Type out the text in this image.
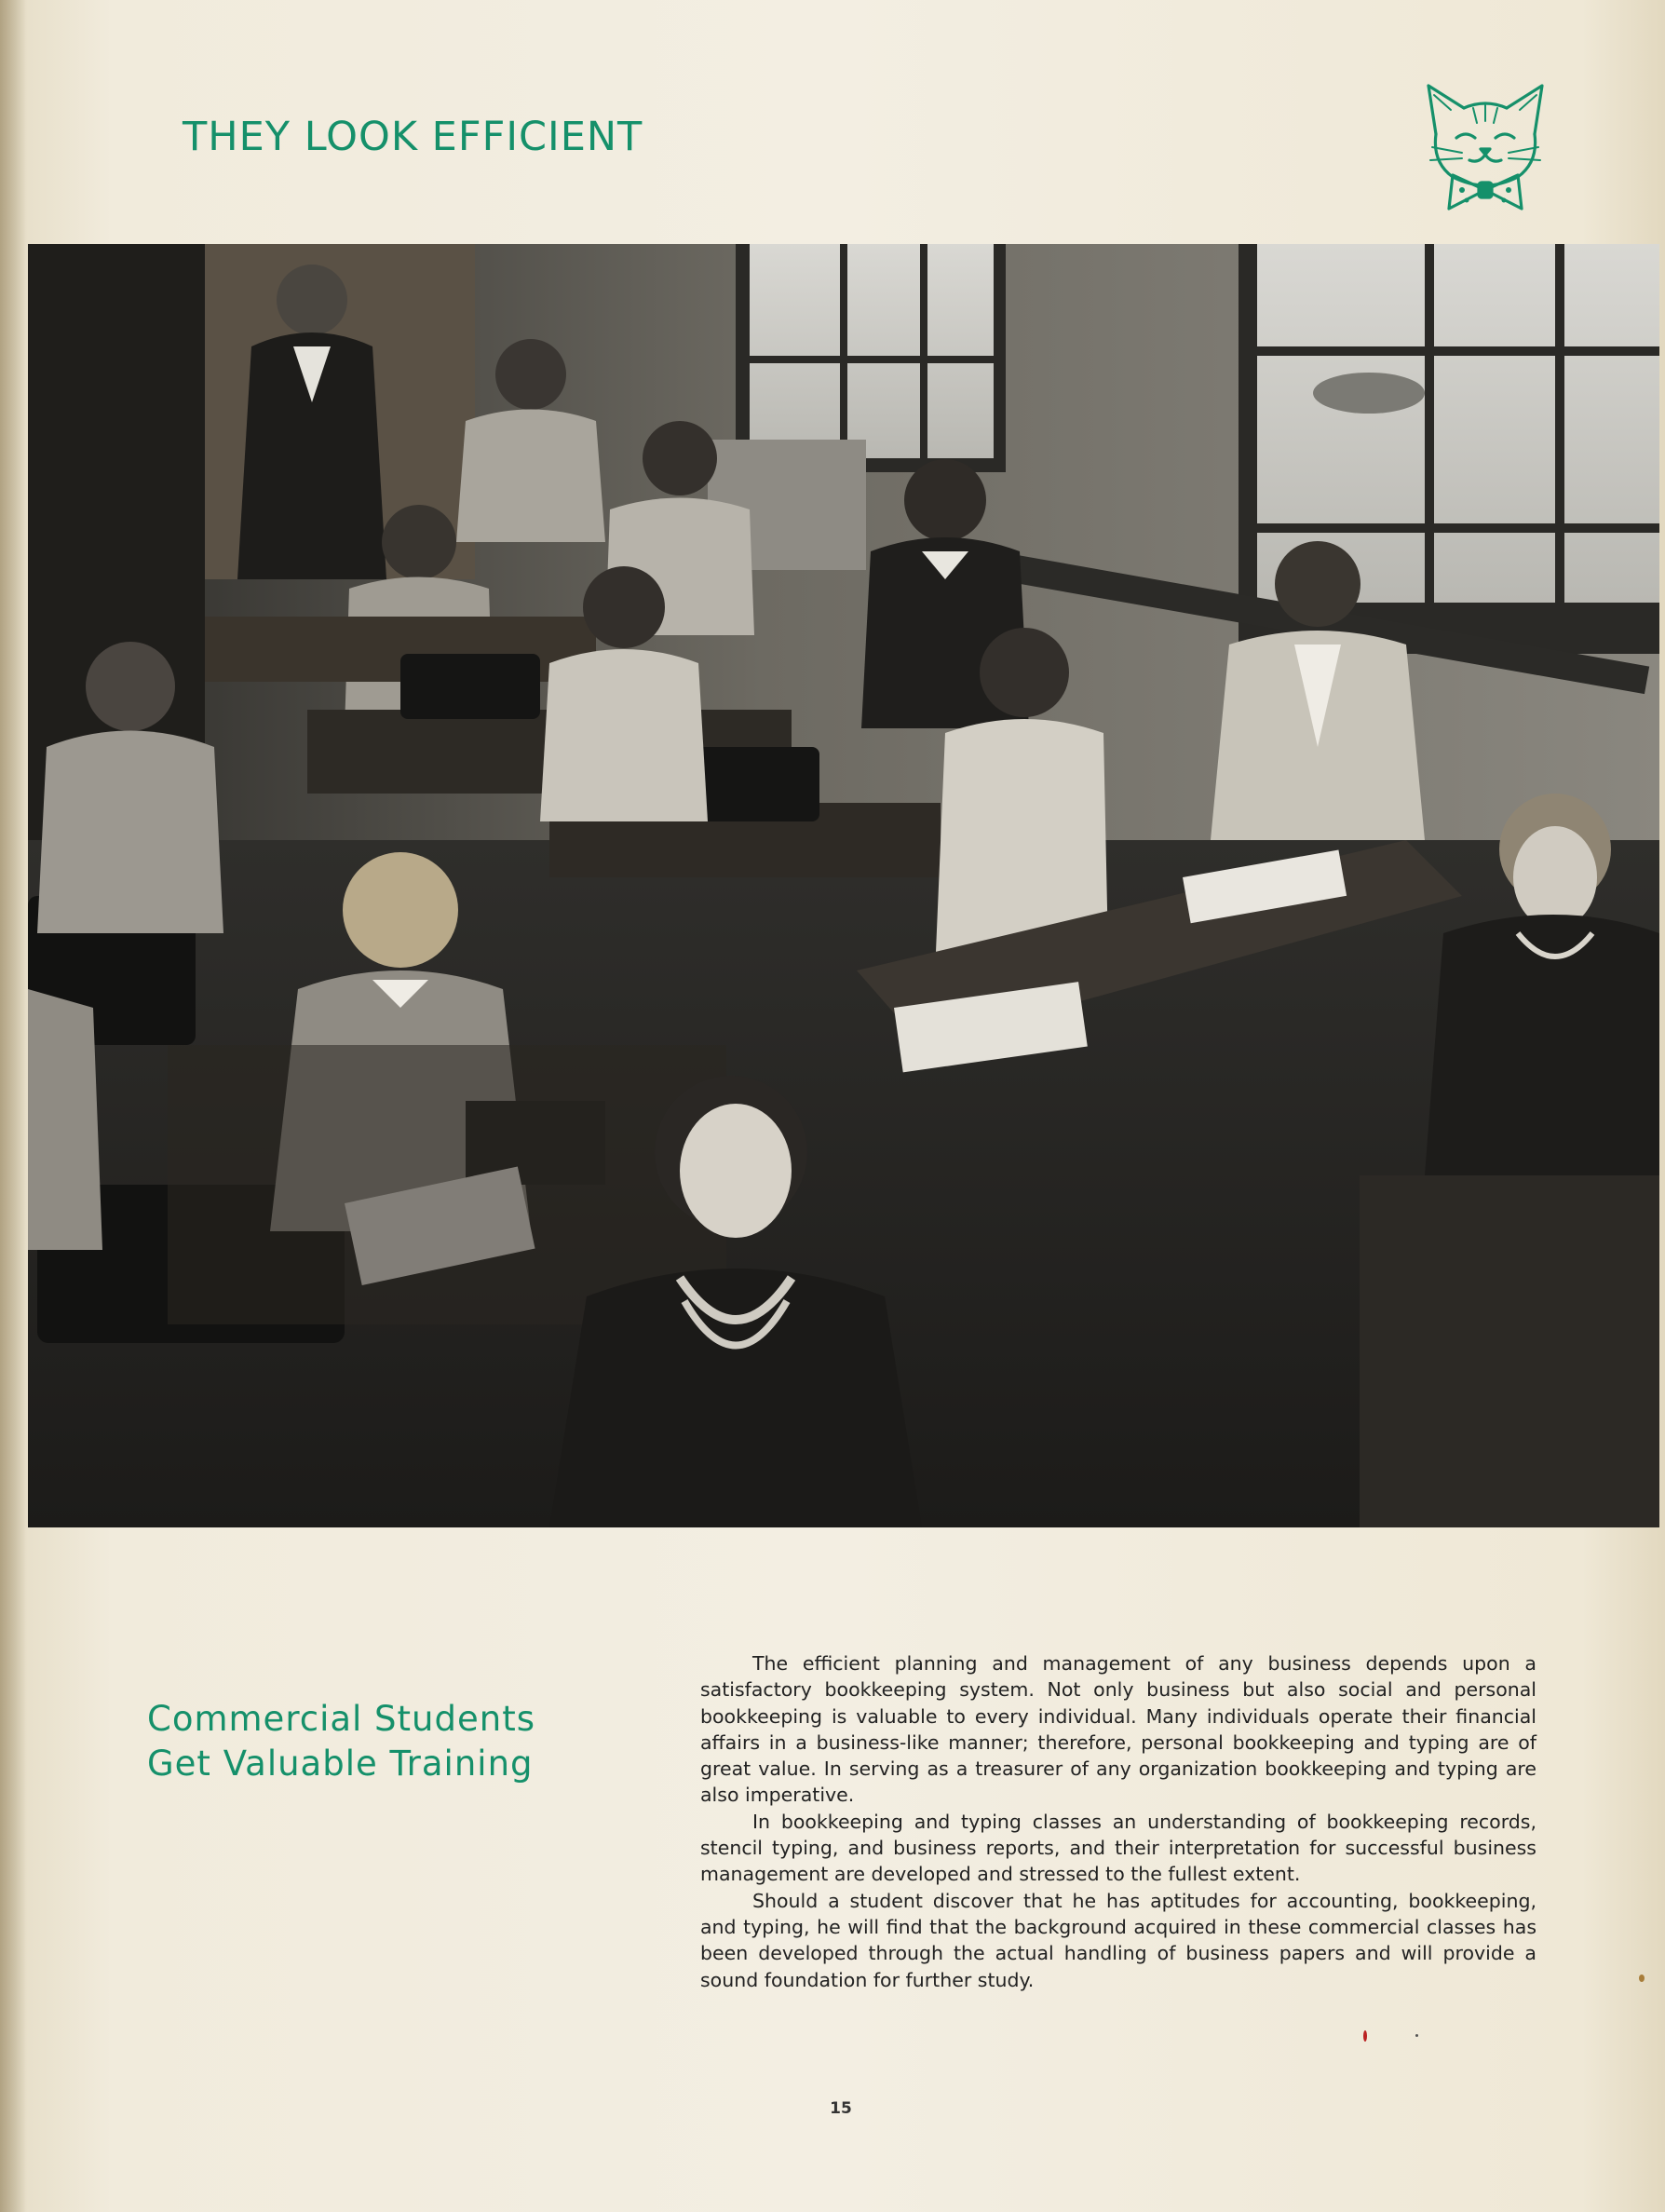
THEY LOOK EFFICIENT
Commercial Students
Get Valuable Training

The efficient planning and management of any business depends upon a satisfactory bookkeeping system. Not only business but also social and personal bookkeeping is valuable to every individual. Many individuals operate their financial affairs in a business-like manner; therefore, personal bookkeeping and typing are of great value. In serving as a treasurer of any organization bookkeeping and typing are also imperative.

In bookkeeping and typing classes an understanding of bookkeeping records, stencil typing, and business reports, and their interpretation for successful business management are developed and stressed to the fullest extent.

Should a student discover that he has aptitudes for accounting, bookkeeping, and typing, he will find that the background acquired in these commercial classes has been developed through the actual handling of business papers and will provide a sound foundation for further study.

15
